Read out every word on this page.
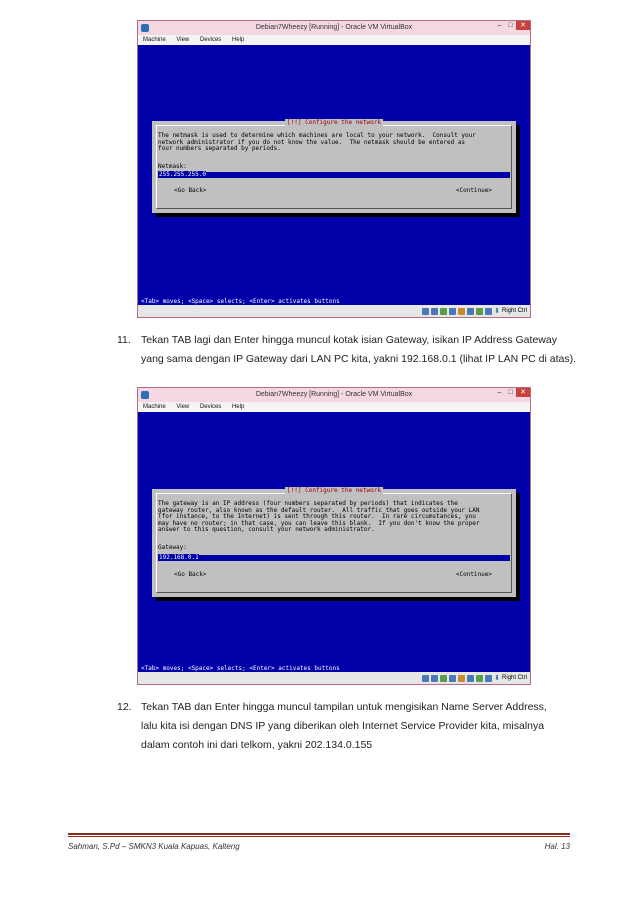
Debian7Wheezy [Running] - Oracle VM VirtualBox	– □	✕
Machine View Devices Help
[!!] Configure the network
The netmask is used to determine which machines are local to your network.  Consult your
network administrator if you do not know the value.  The netmask should be entered as
four numbers separated by periods.
Netmask:
255.255.255.0
<Go Back>	<Continue>
<Tab> moves; <Space> selects; <Enter> activates buttons
⬇ Right Ctrl
11. Tekan TAB lagi dan Enter hingga muncul kotak isian Gateway, isikan IP Address Gateway
yang sama dengan IP Gateway dari LAN PC kita, yakni 192.168.0.1 (lihat IP LAN PC di atas).
Debian7Wheezy [Running] - Oracle VM VirtualBox	– □	✕
Machine View Devices Help
[!!] Configure the network
The gateway is an IP address (four numbers separated by periods) that indicates the
gateway router, also known as the default router.  All traffic that goes outside your LAN
(for instance, to the Internet) is sent through this router.  In rare circumstances, you
may have no router; in that case, you can leave this blank.  If you don't know the proper
answer to this question, consult your network administrator.
Gateway:
192.168.0.1
<Go Back>	<Continue>
<Tab> moves; <Space> selects; <Enter> activates buttons
⬇ Right Ctrl
12. Tekan TAB dan Enter hingga muncul tampilan untuk mengisikan Name Server Address,
lalu kita isi dengan DNS IP yang diberikan oleh Internet Service Provider kita, misalnya
dalam contoh ini dari telkom, yakni 202.134.0.155
Sahman, S.Pd – SMKN3 Kuala Kapuas, Kalteng	Hal. 13
